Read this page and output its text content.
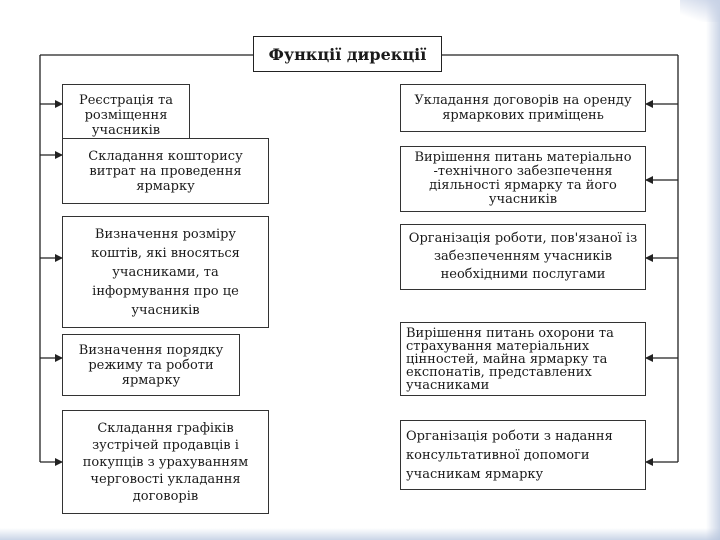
Функції дирекції
Реєстрація та розміщення учасників
Складання кошторису витрат на проведення ярмарку
Визначення розміру коштів, які вносяться учасниками, та інформування про це учасників
Визначення порядку режиму та роботи ярмарку
Складання графіків зустрічей продавців і покупців з урахуванням черговості укладання договорів
Укладання договорів на оренду ярмаркових приміщень
Вирішення питань матеріально -технічного забезпечення діяльності ярмарку та його учасників
Організація роботи, пов'язаної із забезпеченням учасників необхідними послугами
Вирішення питань охорони та страхування матеріальних цінностей, майна ярмарку та експонатів, представлених учасниками
Організація роботи з надання консультативної допомоги учасникам ярмарку
